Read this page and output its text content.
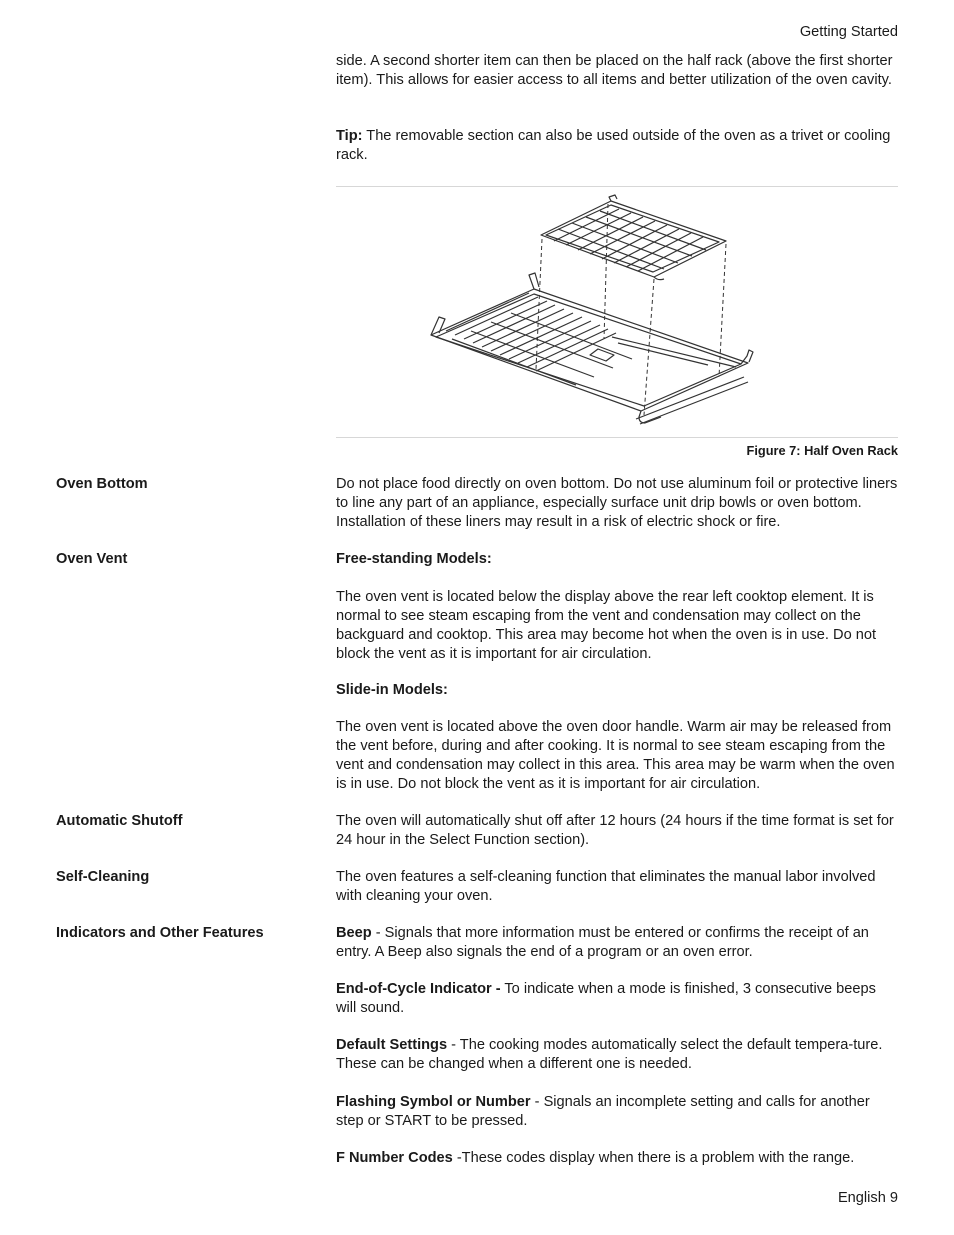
Getting Started

side. A second shorter item can then be placed on the half rack (above the first shorter item). This allows for easier access to all items and better utilization of the oven cavity.

Tip: The removable section can also be used outside of the oven as a trivet or cooling rack.

Figure 7: Half Oven Rack
Oven Bottom	Do not place food directly on oven bottom. Do not use aluminum foil or protective liners to line any part of an appliance, especially surface unit drip bowls or oven bottom. Installation of these liners may result in a risk of electric shock or fire.

Oven Vent	Free-standing Models:

The oven vent is located below the display above the rear left cooktop element. It is normal to see steam escaping from the vent and condensation may collect on the backguard and cooktop. This area may become hot when the oven is in use. Do not block the vent as it is important for air circulation.

Slide-in Models:

The oven vent is located above the oven door handle. Warm air may be released from the vent before, during and after cooking. It is normal to see steam escaping from the vent and condensation may collect in this area. This area may be warm when the oven is in use. Do not block the vent as it is important for air circulation.

Automatic Shutoff	The oven will automatically shut off after 12 hours (24 hours if the time format is set for 24 hour in the Select Function section).

Self-Cleaning	The oven features a self-cleaning function that eliminates the manual labor involved with cleaning your oven.

Indicators and Other Features	Beep - Signals that more information must be entered or confirms the receipt of an entry. A Beep also signals the end of a program or an oven error.

End-of-Cycle Indicator - To indicate when a mode is finished, 3 consecutive beeps will sound.

Default Settings - The cooking modes automatically select the default tempera-ture. These can be changed when a different one is needed.

Flashing Symbol or Number - Signals an incomplete setting and calls for another step or START to be pressed.

F Number Codes -These codes display when there is a problem with the range.

English 9
